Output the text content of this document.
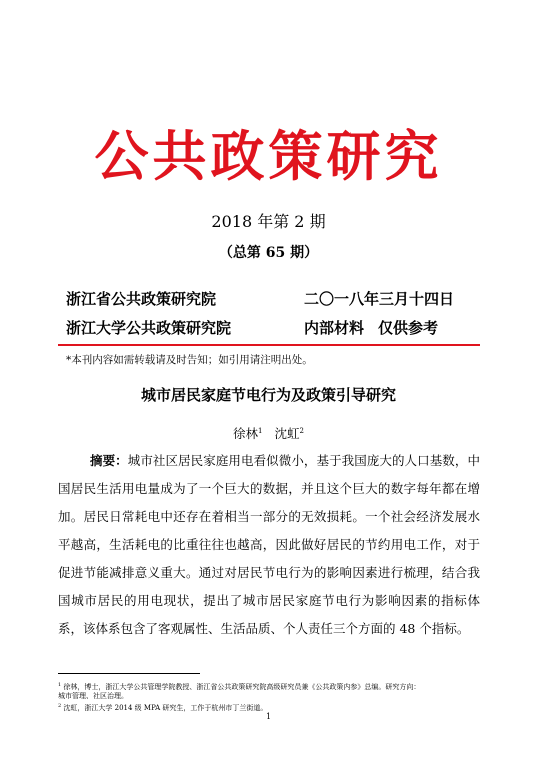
公共政策研究
2018 年第 2 期
（总第 65 期）
浙江省公共政策研究院	二〇一八年三月十四日
浙江大学公共政策研究院	内部材料 仅供参考
*本刊内容如需转载请及时告知；如引用请注明出处。
城市居民家庭节电行为及政策引导研究
徐林$^1$ 沈虹$^2$
摘要：城市社区居民家庭用电看似微小，基于我国庞大的人口基数，中
国居民生活用电量成为了一个巨大的数据，并且这个巨大的数字每年都在增
加。居民日常耗电中还存在着相当一部分的无效损耗。一个社会经济发展水
平越高，生活耗电的比重往往也越高，因此做好居民的节约用电工作，对于
促进节能减排意义重大。通过对居民节电行为的影响因素进行梳理，结合我
国城市居民的用电现状，提出了城市居民家庭节电行为影响因素的指标体
系，该体系包含了客观属性、生活品质、个人责任三个方面的 48 个指标。
$^1$ 徐林，博士，浙江大学公共管理学院教授、浙江省公共政策研究院高级研究员兼《公共政策内参》总编。研究方向：
城市管理、社区治理。
$^2$ 沈虹，浙江大学 2014 级 MPA 研究生，工作于杭州市丁兰街道。
1
